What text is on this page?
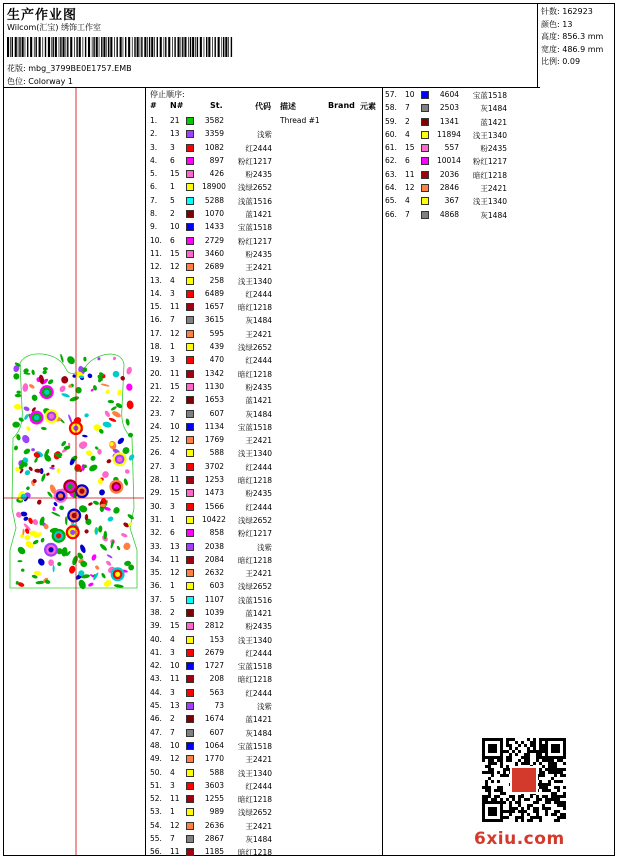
生产作业图
Wilcom(汇宝) 绣饰工作室
花版: mbg_3799BE0E1757.EMB
色位: Colorway 1
针数: 162923
颜色: 13
高度: 856.3 mm
宽度: 486.9 mm
比例: 0.09
停止顺序:
# N#	St.	代码 描述	Brand 元素
1. 21	3582	Thread #1
2. 13	3359	浅紫
3. 3	1082	红2444
4. 6	897	粉红1217
5. 15	426	粉2435
6. 1	18900	浅绿2652
7. 5	5288	浅蓝1516
8. 2	1070	蓝1421
9. 10	1433	宝蓝1518
10. 6	2729	粉红1217
11. 15	3460	粉2435
12. 12	2689	王2421
13. 4	258	浅王1340
14. 3	6489	红2444
15. 11	1657	暗红1218
16. 7	3615	灰1484
17. 12	595	王2421
18. 1	439	浅绿2652
19. 3	470	红2444
20. 11	1342	暗红1218
21. 15	1130	粉2435
22. 2	1653	蓝1421
23. 7	607	灰1484
24. 10	1134	宝蓝1518
25. 12	1769	王2421
26. 4	588	浅王1340
27. 3	3702	红2444
28. 11	1253	暗红1218
29. 15	1473	粉2435
30. 3	1566	红2444
31. 1	10422	浅绿2652
32. 6	858	粉红1217
33. 13	2038	浅紫
34. 11	2084	暗红1218
35. 12	2632	王2421
36. 1	603	浅绿2652
37. 5	1107	浅蓝1516
38. 2	1039	蓝1421
39. 15	2812	粉2435
40. 4	153	浅王1340
41. 3	2679	红2444
42. 10	1727	宝蓝1518
43. 11	208	暗红1218
44. 3	563	红2444
45. 13	73	浅紫
46. 2	1674	蓝1421
47. 7	607	灰1484
48. 10	1064	宝蓝1518
49. 12	1770	王2421
50. 4	588	浅王1340
51. 3	3603	红2444
52. 11	1255	暗红1218
53. 1	989	浅绿2652
54. 12	2636	王2421
55. 7	2867	灰1484
56. 11	1185	暗红1218
57. 10	4604	宝蓝1518
58. 7	2503	灰1484
59. 2	1341	蓝1421
60. 4	11894	浅王1340
61. 15	557	粉2435
62. 6	10014	粉红1217
63. 11	2036	暗红1218
64. 12	2846	王2421
65. 4	367	浅王1340
66. 7	4868	灰1484
6xiu.com
